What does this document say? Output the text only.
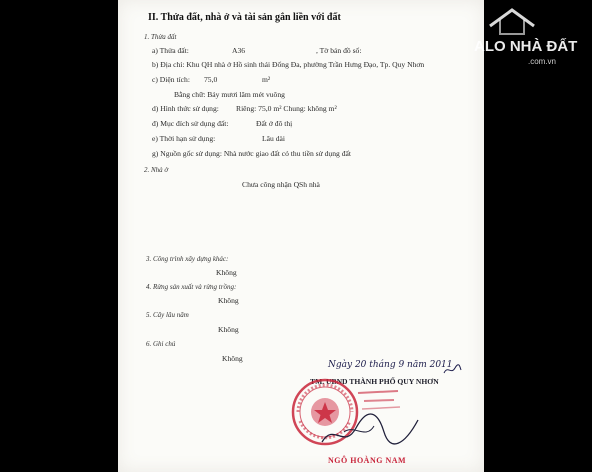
II. Thửa đất, nhà ở và tài sản gắn liền với đất
1. Thửa đất
a) Thửa đất:	A36	, Tờ bản đồ số:
b) Địa chỉ: Khu QH nhà ở Hồ sinh thái Đống Đa, phường Trần Hưng Đạo, Tp. Quy Nhơn
c) Diện tích: 75,0	m²
Bằng chữ: Bảy mươi lăm mét vuông
d) Hình thức sử dụng: Riêng: 75,0 m² Chung: không m²
đ) Mục đích sử dụng đất:	Đất ở đô thị
e) Thời hạn sử dụng:	Lâu dài
g) Nguồn gốc sử dụng: Nhà nước giao đất có thu tiền sử dụng đất
2. Nhà ở
Chưa công nhận QSh nhà
3. Công trình xây dựng khác:
Không
4. Rừng sản xuất và rừng trồng:
Không
5. Cây lâu năm
Không
6. Ghi chú
Không
Ngày 20 tháng 9 năm 2011
TM. UBND THÀNH PHỐ QUY NHƠN
NGÔ HOÀNG NAM
ALO NHÀ ĐẤT
.com.vn
